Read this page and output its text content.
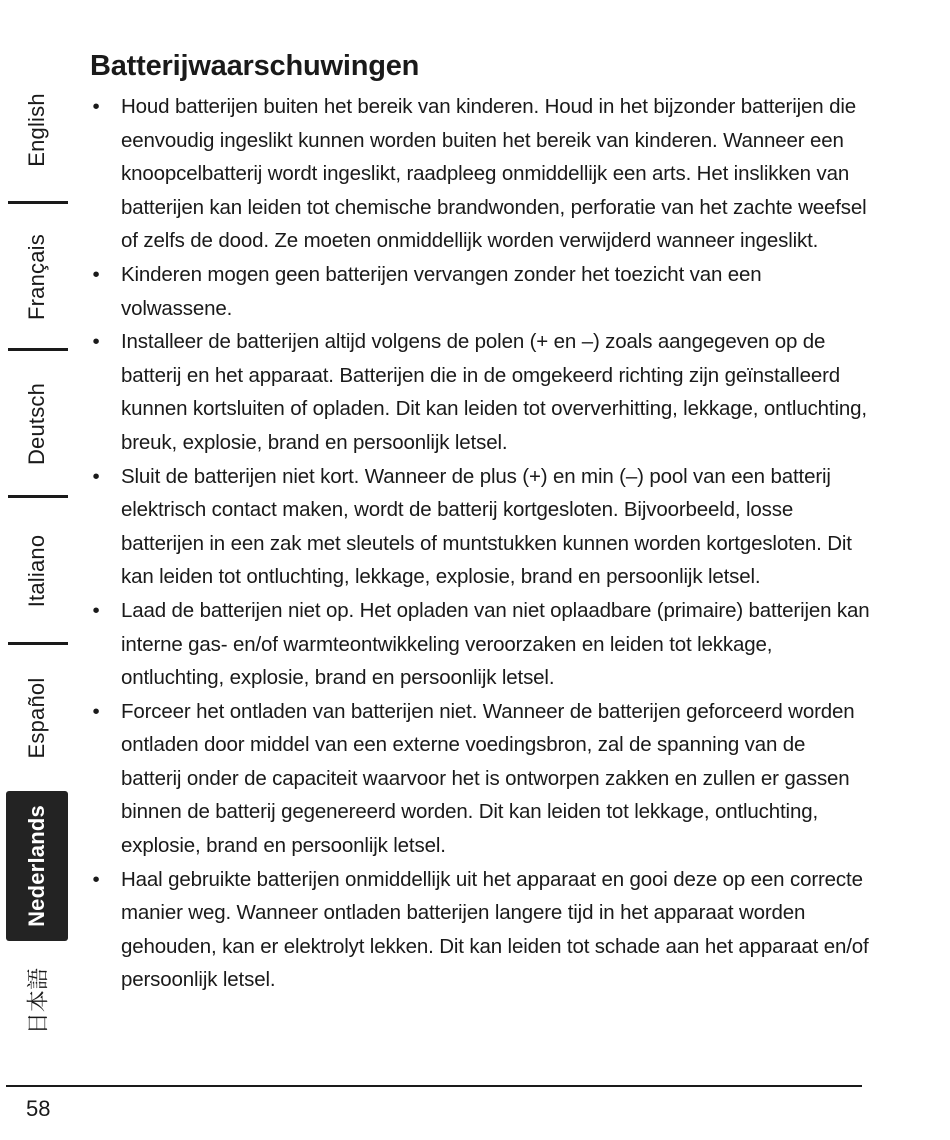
English
Français
Deutsch
Italiano
Español
Nederlands
日本語
Batterijwaarschuwingen
• Houd batterijen buiten het bereik van kinderen. Houd in het bijzonder batterijen die eenvoudig ingeslikt kunnen worden buiten het bereik van kinderen. Wanneer een knoopcelbatterij wordt ingeslikt, raadpleeg onmiddellijk een arts. Het inslikken van batterijen kan leiden tot chemische brandwonden, perforatie van het zachte weefsel of zelfs de dood. Ze moeten onmiddellijk worden verwijderd wanneer ingeslikt.
• Kinderen mogen geen batterijen vervangen zonder het toezicht van een volwassene.
• Installeer de batterijen altijd volgens de polen (+ en –) zoals aangegeven op de batterij en het apparaat. Batterijen die in de omgekeerd richting zijn geïnstalleerd kunnen kortsluiten of opladen. Dit kan leiden tot oververhitting, lekkage, ontluchting, breuk, explosie, brand en persoonlijk letsel.
• Sluit de batterijen niet kort. Wanneer de plus (+) en min (–) pool van een batterij elektrisch contact maken, wordt de batterij kortgesloten. Bijvoorbeeld, losse batterijen in een zak met sleutels of muntstukken kunnen worden kortgesloten. Dit kan leiden tot ontluchting, lekkage, explosie, brand en persoonlijk letsel.
• Laad de batterijen niet op. Het opladen van niet oplaadbare (primaire) batterijen kan interne gas- en/of warmteontwikkeling veroorzaken en leiden tot lekkage, ontluchting, explosie, brand en persoonlijk letsel.
• Forceer het ontladen van batterijen niet. Wanneer de batterijen geforceerd worden ontladen door middel van een externe voedingsbron, zal de spanning van de batterij onder de capaciteit waarvoor het is ontworpen zakken en zullen er gassen binnen de batterij gegenereerd worden. Dit kan leiden tot lekkage, ontluchting, explosie, brand en persoonlijk letsel.
• Haal gebruikte batterijen onmiddellijk uit het apparaat en gooi deze op een correcte manier weg. Wanneer ontladen batterijen langere tijd in het apparaat worden gehouden, kan er elektrolyt lekken. Dit kan leiden tot schade aan het apparaat en/of persoonlijk letsel.
58
